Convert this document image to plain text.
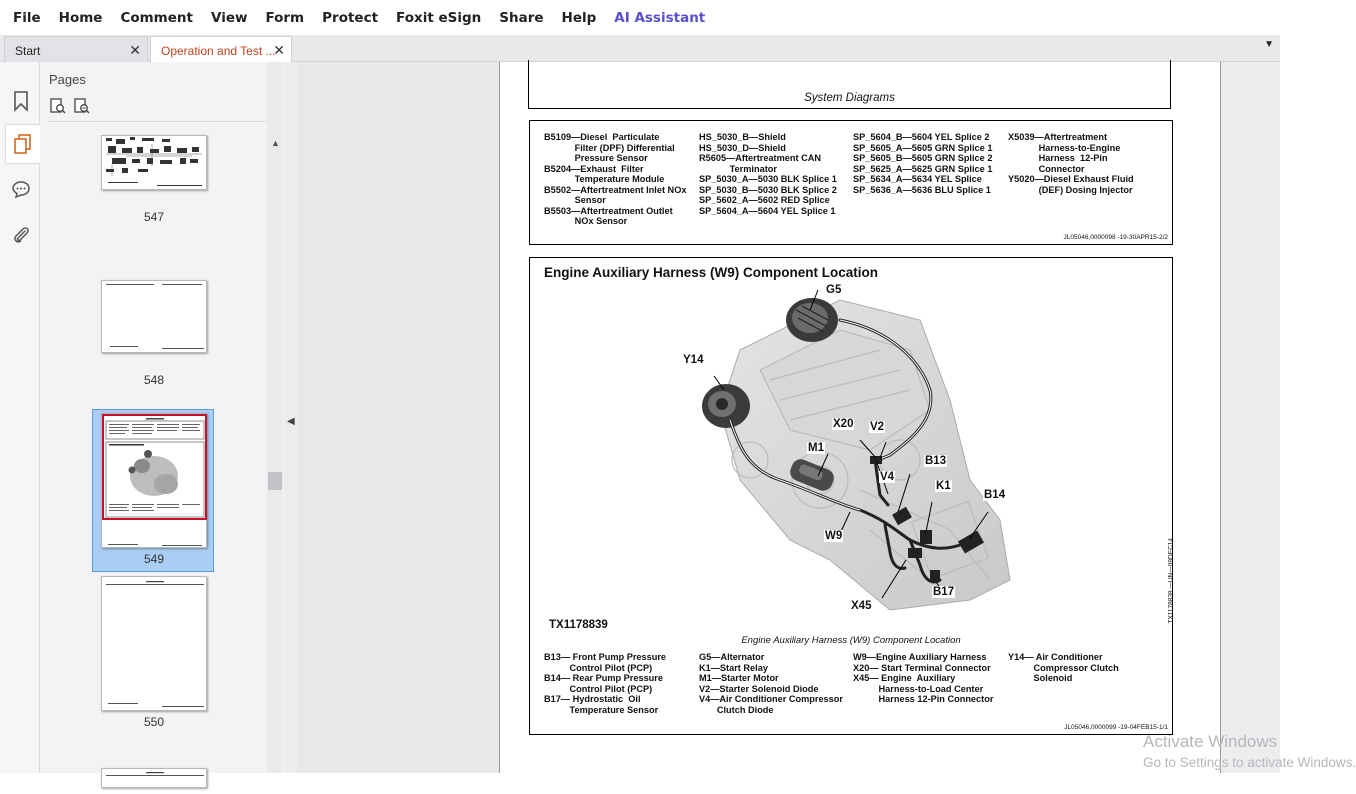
File Home Comment View Form Protect Foxit eSign Share Help AI Assistant
Start	✕	Operation and Test ...
✕	▼
Pages
547
548
549
550
▲
◀
System Diagrams
B5109—Diesel  Particulate
Filter (DPF) Differential
Pressure Sensor
B5204—Exhaust  Filter
Temperature Module
B5502—Aftertreatment Inlet NOx
Sensor
B5503—Aftertreatment Outlet
NOx Sensor
HS_5030_B—Shield
HS_5030_D—Shield
R5605—Aftertreatment CAN
Terminator
SP_5030_A—5030 BLK Splice 1
SP_5030_B—5030 BLK Splice 2
SP_5602_A—5602 RED Splice
SP_5604_A—5604 YEL Splice 1
SP_5604_B—5604 YEL Splice 2
SP_5605_A—5605 GRN Splice 1
SP_5605_B—5605 GRN Splice 2
SP_5625_A—5625 GRN Splice 1
SP_5634_A—5634 YEL Splice
SP_5636_A—5636 BLU Splice 1
X5039—Aftertreatment
Harness-to-Engine
Harness  12-Pin
Connector
Y5020—Diesel Exhaust Fluid
(DEF) Dosing Injector
JL05046,0000098 -19-30APR15-2/2
Engine Auxiliary Harness (W9) Component Location
G5
Y14
X20 V2
M1
B13
V4
K1
B14
W9
X45
B17
TX1178839
Engine Auxiliary Harness (W9) Component Location
TX1178839 —UN—09DEC14
B13— Front Pump Pressure
Control Pilot (PCP)
B14— Rear Pump Pressure
Control Pilot (PCP)
B17— Hydrostatic  Oil
Temperature Sensor
G5—Alternator
K1—Start Relay
M1—Starter Motor
V2—Starter Solenoid Diode
V4—Air Conditioner Compressor
Clutch Diode
W9—Engine Auxiliary Harness
X20— Start Terminal Connector
X45— Engine  Auxiliary
Harness-to-Load Center
Harness 12-Pin Connector
Y14— Air Conditioner
Compressor Clutch
Solenoid
JL05046,0000099 -19-04FEB15-1/1
Activate Windows
Go to Settings to activate Windows.
